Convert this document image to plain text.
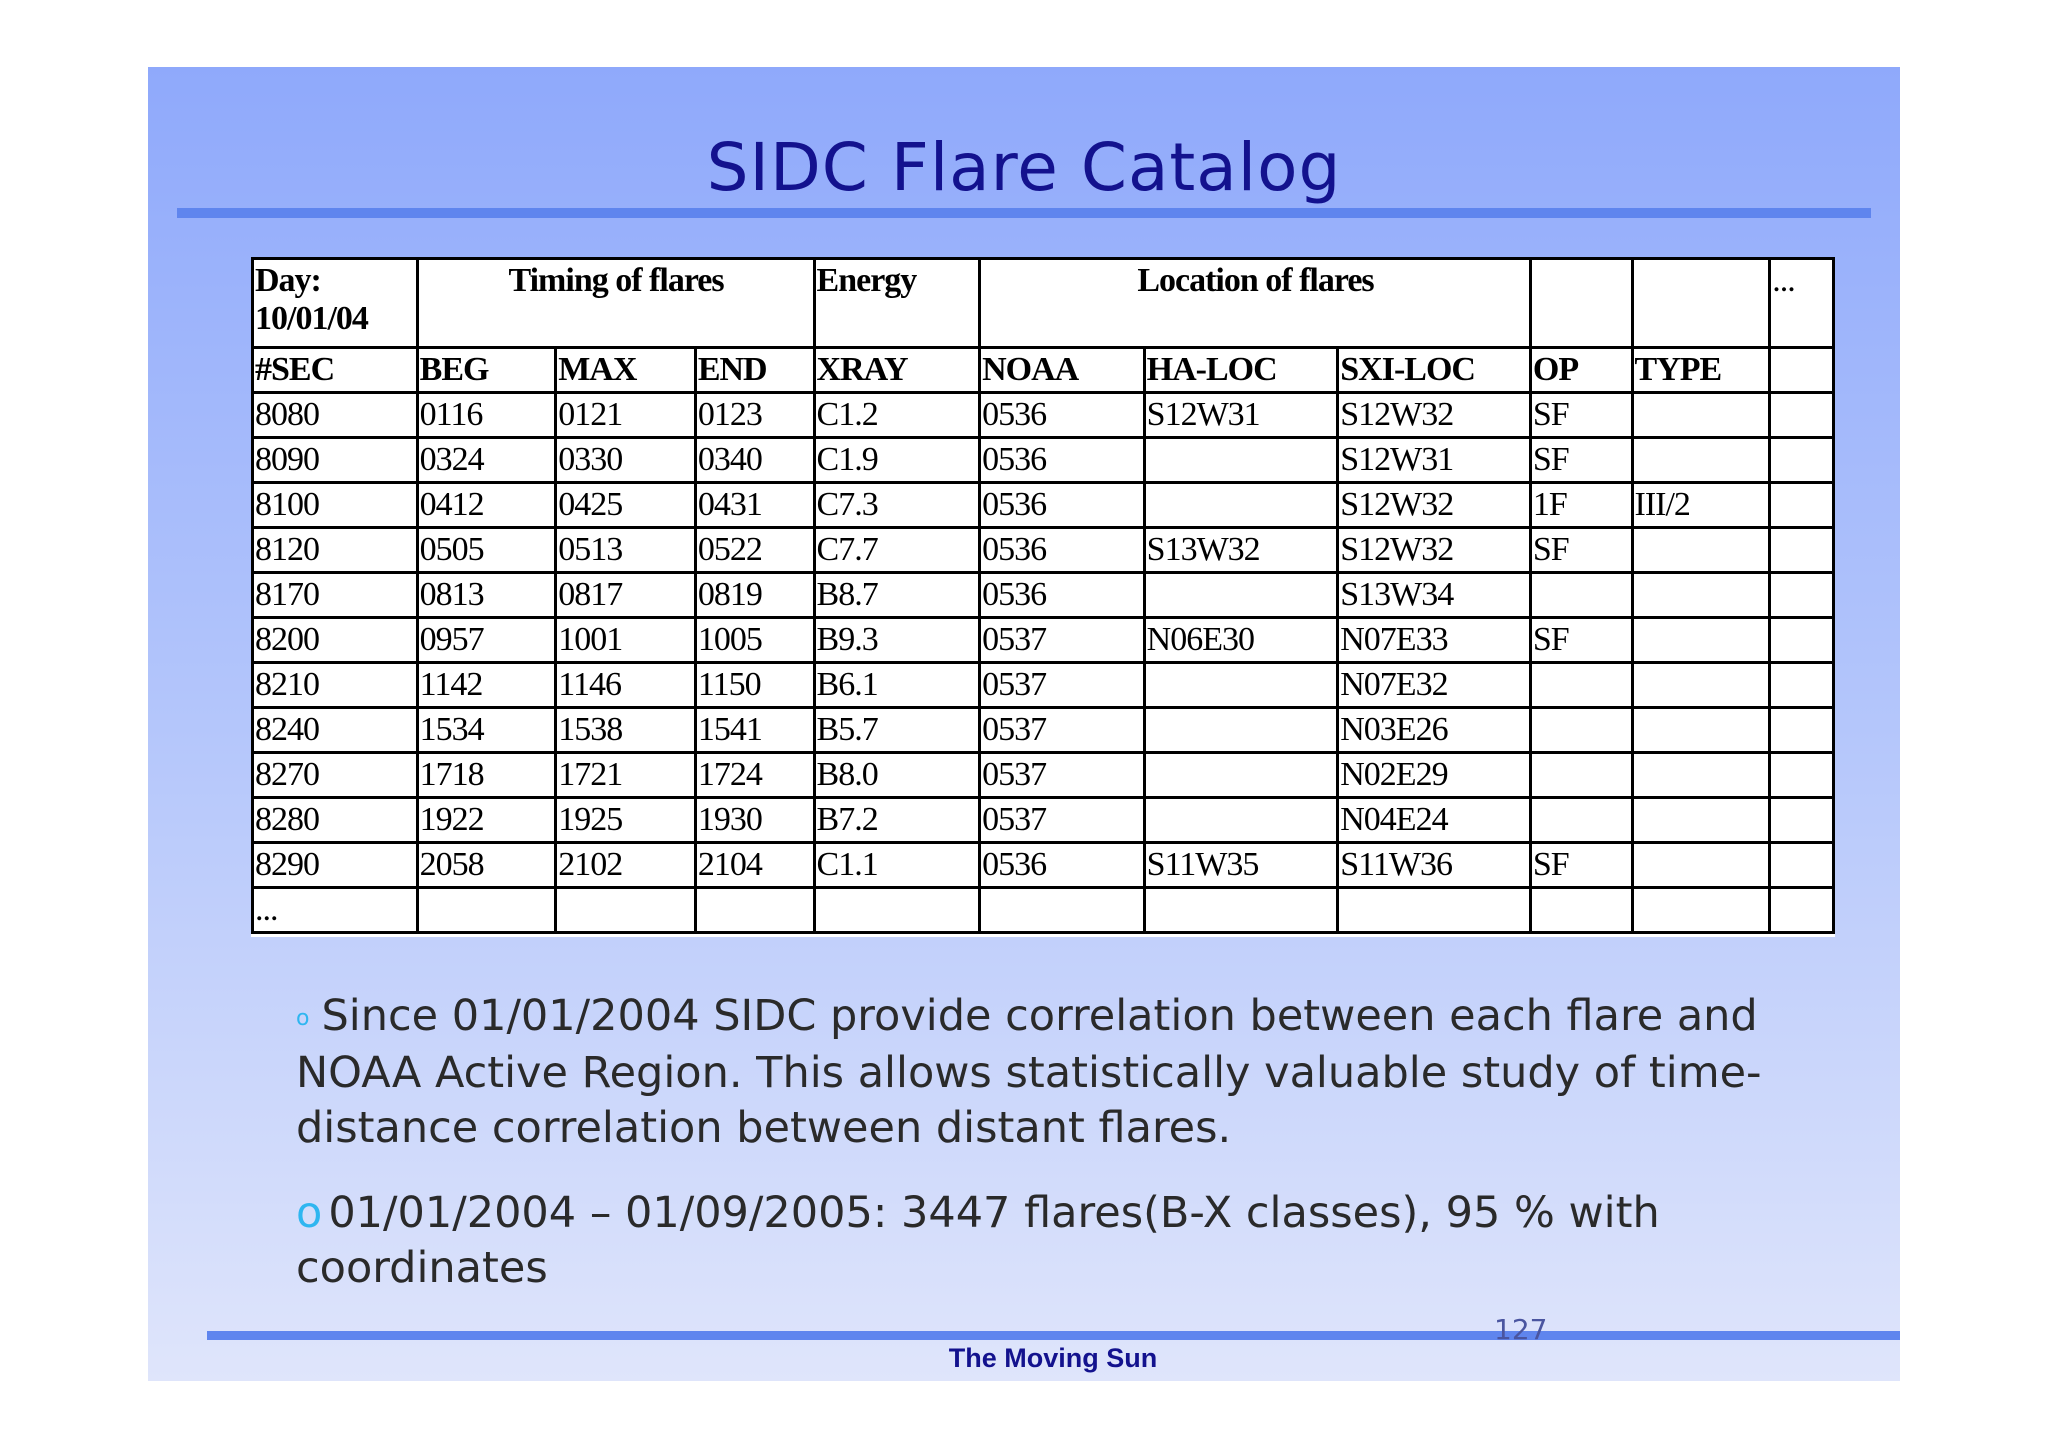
SIDC Flare Catalog
Day:
10/01/04	Timing of flares			Energy	Location of flares					...
#SEC	BEG	MAX	END	XRAY	NOAA	HA-LOC	SXI-LOC	OP	TYPE	
8080	0116	0121	0123	C1.2	0536	S12W31	S12W32	SF		
8090	0324	0330	0340	C1.9	0536		S12W31	SF		
8100	0412	0425	0431	C7.3	0536		S12W32	1F	III/2	
8120	0505	0513	0522	C7.7	0536	S13W32	S12W32	SF		
8170	0813	0817	0819	B8.7	0536		S13W34			
8200	0957	1001	1005	B9.3	0537	N06E30	N07E33	SF		
8210	1142	1146	1150	B6.1	0537		N07E32			
8240	1534	1538	1541	B5.7	0537		N03E26			
8270	1718	1721	1724	B8.0	0537		N02E29			
8280	1922	1925	1930	B7.2	0537		N04E24			
8290	2058	2102	2104	C1.1	0536	S11W35	S11W36	SF		
...										

o Since 01/01/2004 SIDC provide correlation between each flare and NOAA Active Region. This allows statistically valuable study of time-distance correlation between distant flares.

o 01/01/2004 – 01/09/2005: 3447 flares(B-X classes), 95 % with coordinates

127
The Moving Sun
